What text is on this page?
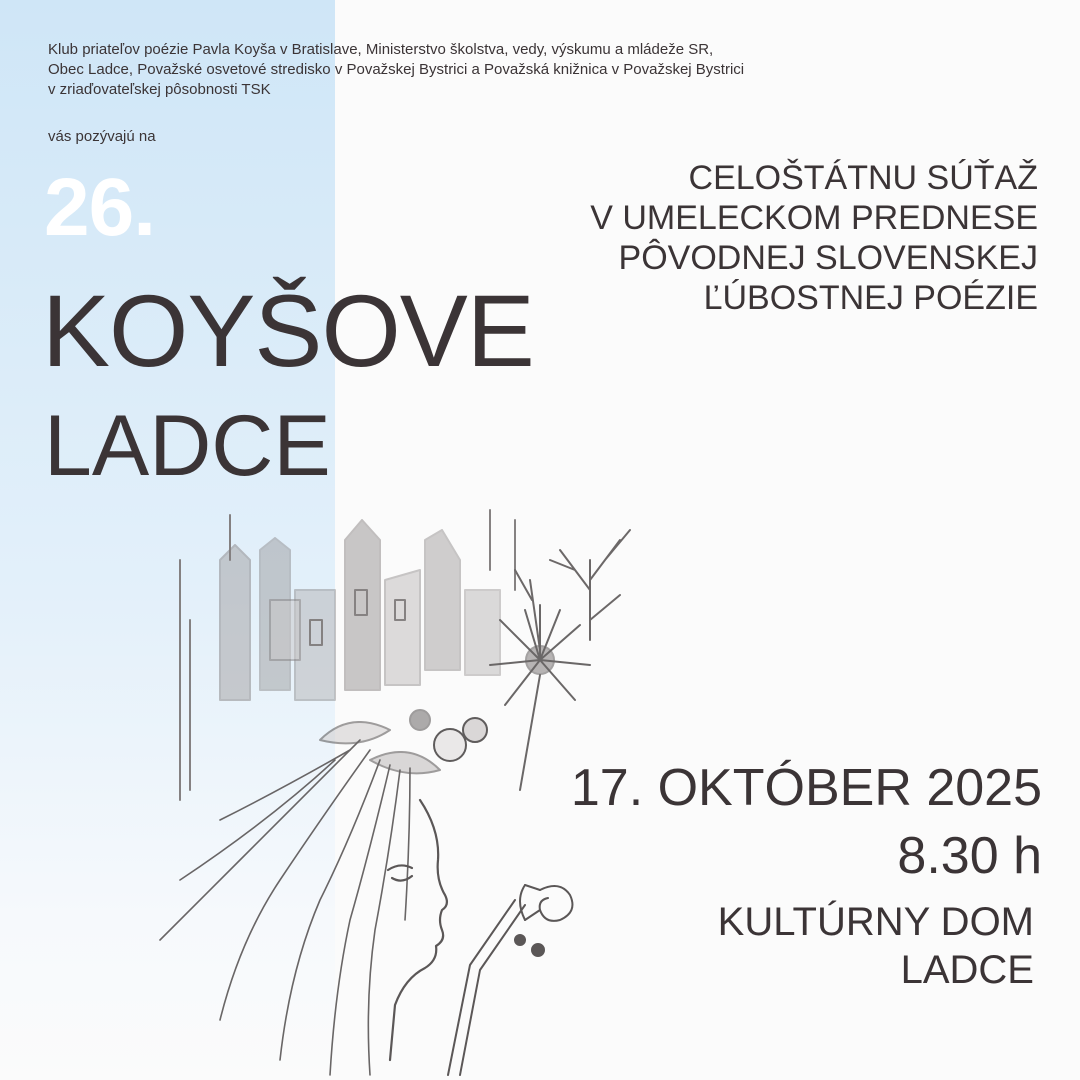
Klub priateľov poézie Pavla Koyša v Bratislave, Ministerstvo školstva, vedy, výskumu a mládeže SR,
Obec Ladce, Považské osvetové stredisko v Považskej Bystrici a Považská knižnica v Považskej Bystrici
v zriaďovateľskej pôsobnosti TSK
vás pozývajú na
26.
KOYŠOVE
LADCE
CELOŠTÁTNU SÚŤAŽ
V UMELECKOM PREDNESE
PÔVODNEJ SLOVENSKEJ
ĽÚBOSTNEJ POÉZIE
17. OKTÓBER 2025
8.30 h
KULTÚRNY DOM
LADCE
